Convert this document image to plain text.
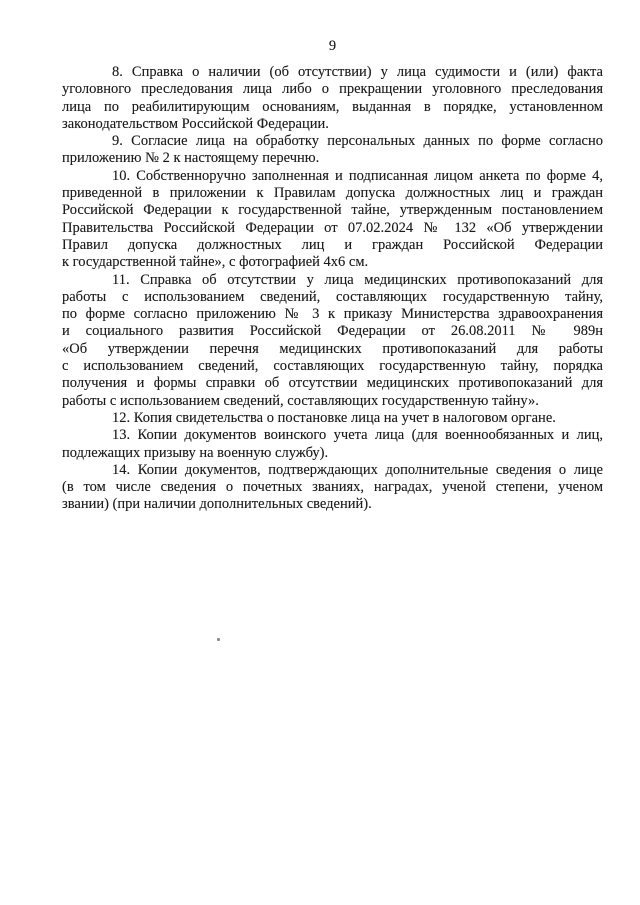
9
8. Справка о наличии (об отсутствии) у лица судимости и (или) факта
уголовного преследования лица либо о прекращении уголовного преследования
лица по реабилитирующим основаниям, выданная в порядке, установленном
законодательством Российской Федерации.
9. Согласие лица на обработку персональных данных по форме согласно
приложению № 2 к настоящему перечню.
10. Собственноручно заполненная и подписанная лицом анкета по форме 4,
приведенной в приложении к Правилам допуска должностных лиц и граждан
Российской Федерации к государственной тайне, утвержденным постановлением
Правительства Российской Федерации от 07.02.2024 № 132 «Об утверждении
Правил допуска должностных лиц и граждан Российской Федерации
к государственной тайне», с фотографией 4х6 см.
11. Справка об отсутствии у лица медицинских противопоказаний для
работы с использованием сведений, составляющих государственную тайну,
по форме согласно приложению № 3 к приказу Министерства здравоохранения
и социального развития Российской Федерации от 26.08.2011 № 989н
«Об утверждении перечня медицинских противопоказаний для работы
с использованием сведений, составляющих государственную тайну, порядка
получения и формы справки об отсутствии медицинских противопоказаний для
работы с использованием сведений, составляющих государственную тайну».
12. Копия свидетельства о постановке лица на учет в налоговом органе.
13. Копии документов воинского учета лица (для военнообязанных и лиц,
подлежащих призыву на военную службу).
14. Копии документов, подтверждающих дополнительные сведения о лице
(в том числе сведения о почетных званиях, наградах, ученой степени, ученом
звании) (при наличии дополнительных сведений).
